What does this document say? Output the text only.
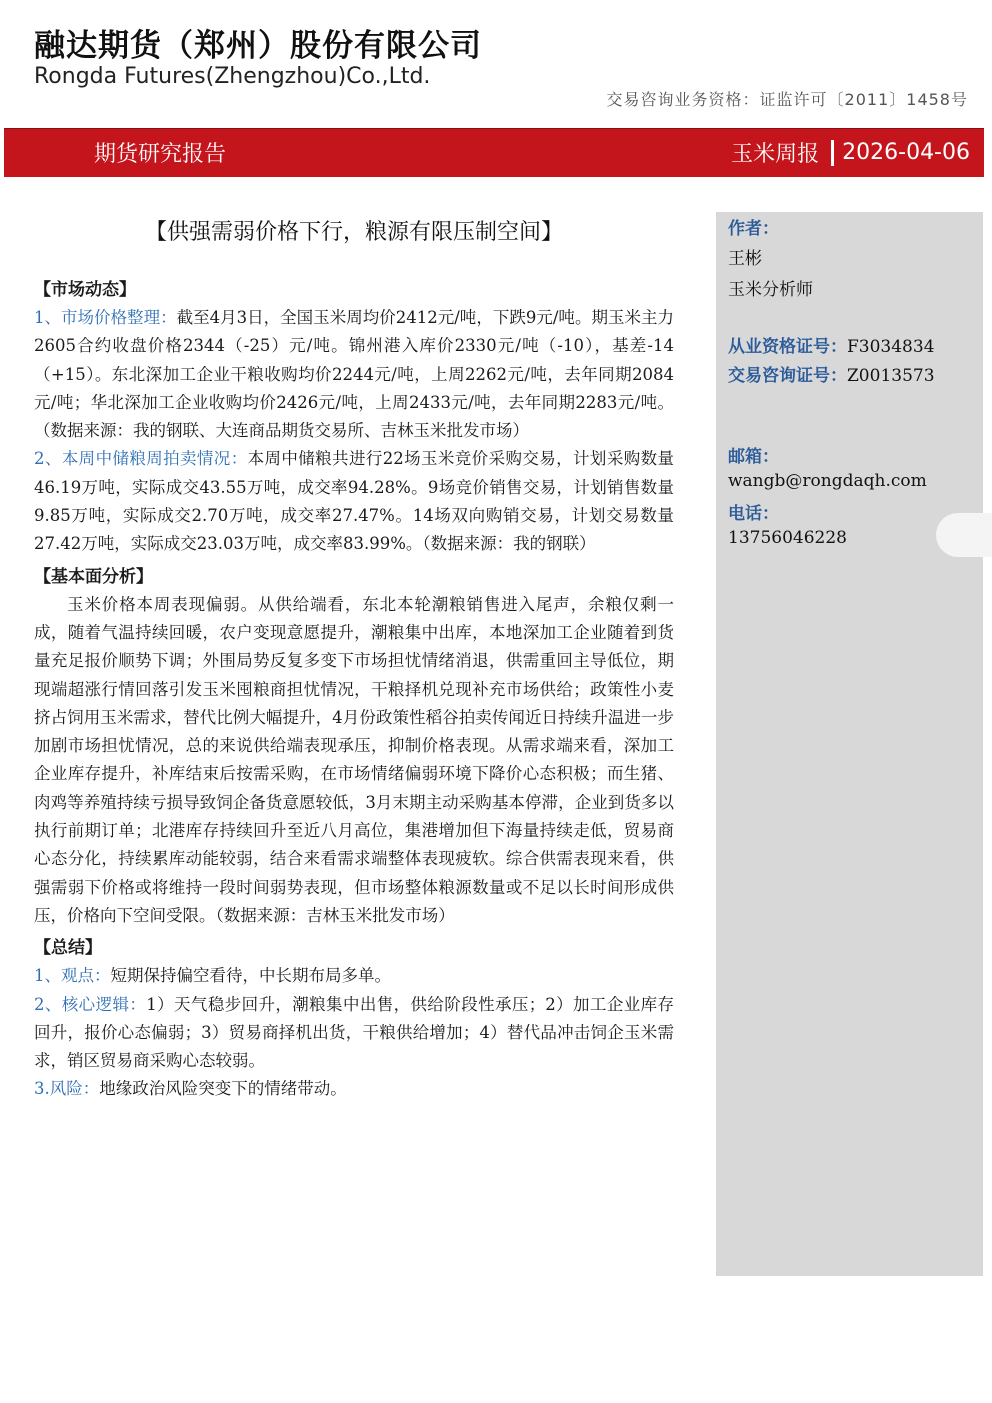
融达期货（郑州）股份有限公司
Rongda Futures(Zhengzhou)Co.,Ltd.
交易咨询业务资格：证监许可〔2011〕1458号
期货研究报告	玉米周报 2026-04-06
【供强需弱价格下行，粮源有限压制空间】
【市场动态】

1、市场价格整理：截至4月3日，全国玉米周均价2412元/吨，下跌9元/吨。期玉米主力2605合约收盘价格2344（-25）元/吨。锦州港入库价2330元/吨（-10），基差-14（+15）。东北深加工企业干粮收购均价2244元/吨，上周2262元/吨，去年同期2084元/吨；华北深加工企业收购均价2426元/吨，上周2433元/吨，去年同期2283元/吨。（数据来源：我的钢联、大连商品期货交易所、吉林玉米批发市场）

2、本周中储粮周拍卖情况：本周中储粮共进行22场玉米竞价采购交易，计划采购数量46.19万吨，实际成交43.55万吨，成交率94.28%。9场竞价销售交易，计划销售数量9.85万吨，实际成交2.70万吨，成交率27.47%。14场双向购销交易，计划交易数量27.42万吨，实际成交23.03万吨，成交率83.99%。（数据来源：我的钢联）

【基本面分析】

玉米价格本周表现偏弱。从供给端看，东北本轮潮粮销售进入尾声，余粮仅剩一成，随着气温持续回暖，农户变现意愿提升，潮粮集中出库，本地深加工企业随着到货量充足报价顺势下调；外围局势反复多变下市场担忧情绪消退，供需重回主导低位，期现端超涨行情回落引发玉米囤粮商担忧情况，干粮择机兑现补充市场供给；政策性小麦挤占饲用玉米需求，替代比例大幅提升，4月份政策性稻谷拍卖传闻近日持续升温进一步加剧市场担忧情况，总的来说供给端表现承压，抑制价格表现。从需求端来看，深加工企业库存提升，补库结束后按需采购，在市场情绪偏弱环境下降价心态积极；而生猪、肉鸡等养殖持续亏损导致饲企备货意愿较低，3月末期主动采购基本停滞，企业到货多以执行前期订单；北港库存持续回升至近八月高位，集港增加但下海量持续走低，贸易商心态分化，持续累库动能较弱，结合来看需求端整体表现疲软。综合供需表现来看，供强需弱下价格或将维持一段时间弱势表现，但市场整体粮源数量或不足以长时间形成供压，价格向下空间受限。（数据来源：吉林玉米批发市场）

【总结】

1、观点：短期保持偏空看待，中长期布局多单。

2、核心逻辑：1）天气稳步回升，潮粮集中出售，供给阶段性承压；2）加工企业库存回升，报价心态偏弱；3）贸易商择机出货，干粮供给增加；4）替代品冲击饲企玉米需求，销区贸易商采购心态较弱。

3.风险：地缘政治风险突变下的情绪带动。

作者：
王彬
玉米分析师
从业资格证号：F3034834
交易咨询证号：Z0013573
邮箱：
wangb@rongdaqh.com
电话：
13756046228
